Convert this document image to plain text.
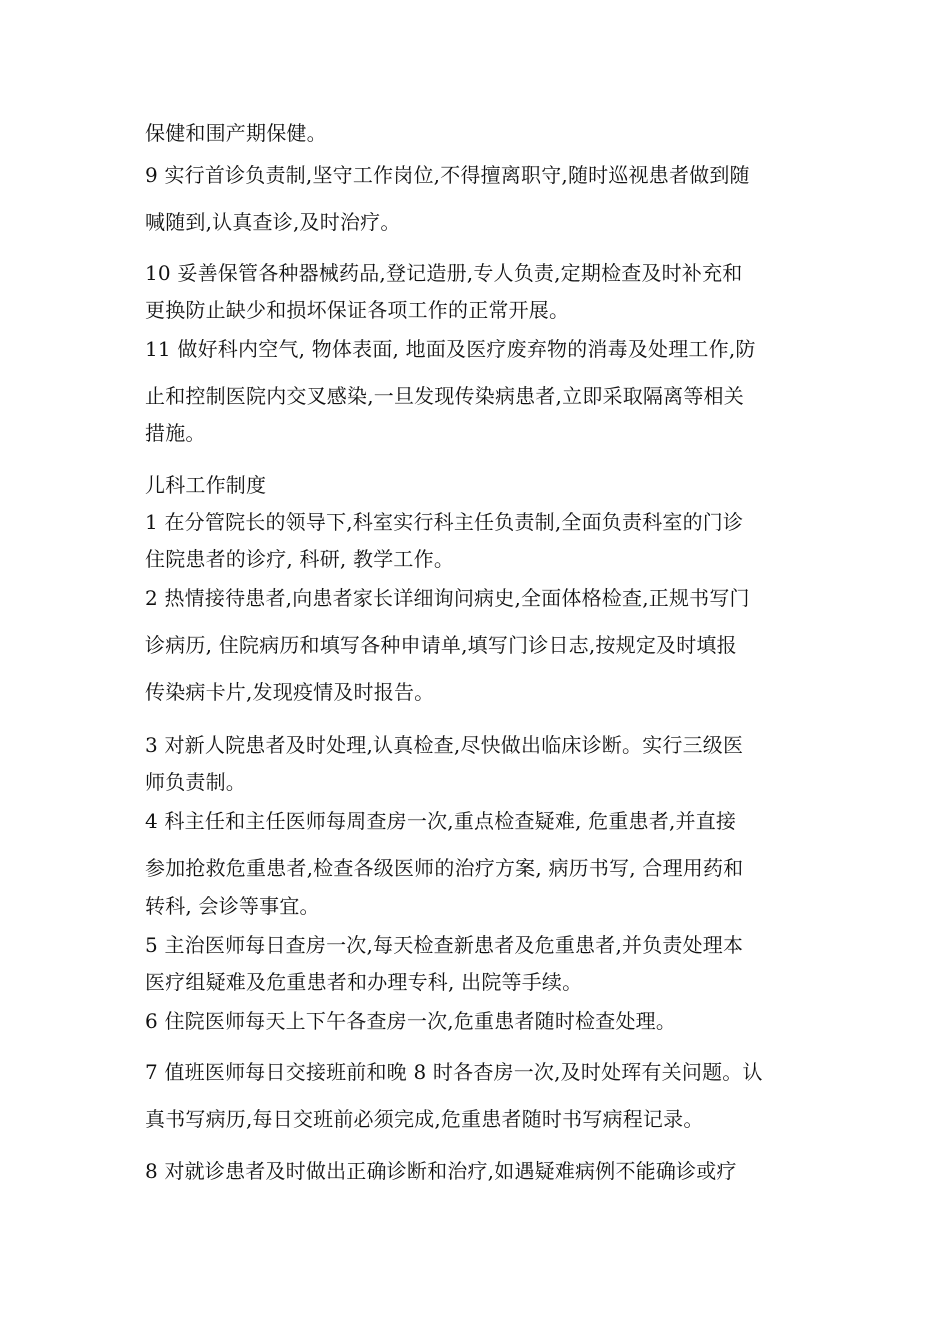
保健和围产期保健。
9 实行首诊负责制,坚守工作岗位,不得擅离职守,随时巡视患者做到随
喊随到,认真查诊,及时治疗。
10 妥善保管各种器械药品,登记造册,专人负责,定期检查及时补充和
更换防止缺少和损坏保证各项工作的正常开展。
11 做好科内空气, 物体表面, 地面及医疗废弃物的消毒及处理工作,防
止和控制医院内交叉感染,一旦发现传染病患者,立即采取隔离等相关
措施。
儿科工作制度
1 在分管院长的领导下,科室实行科主任负责制,全面负责科室的门诊
住院患者的诊疗, 科研, 教学工作。
2 热情接待患者,向患者家长详细询问病史,全面体格检查,正规书写门
诊病历, 住院病历和填写各种申请单,填写门诊日志,按规定及时填报
传染病卡片,发现疫情及时报告。
3 对新人院患者及时处理,认真检查,尽快做出临床诊断。实行三级医
师负责制。
4 科主任和主任医师每周查房一次,重点检查疑难, 危重患者,并直接
参加抢救危重患者,检查各级医师的治疗方案, 病历书写, 合理用药和
转科, 会诊等事宜。
5 主治医师每日查房一次,每天检查新患者及危重患者,并负责处理本
医疗组疑难及危重患者和办理专科, 出院等手续。
6 住院医师每天上下午各查房一次,危重患者随时检查处理。
7 值班医师每日交接班前和晚 8 时各杳房一次,及时处珲有关问题。认
真书写病历,每日交班前必须完成,危重患者随时书写病程记录。
8 对就诊患者及时做出正确诊断和治疗,如遇疑难病例不能确诊或疗
